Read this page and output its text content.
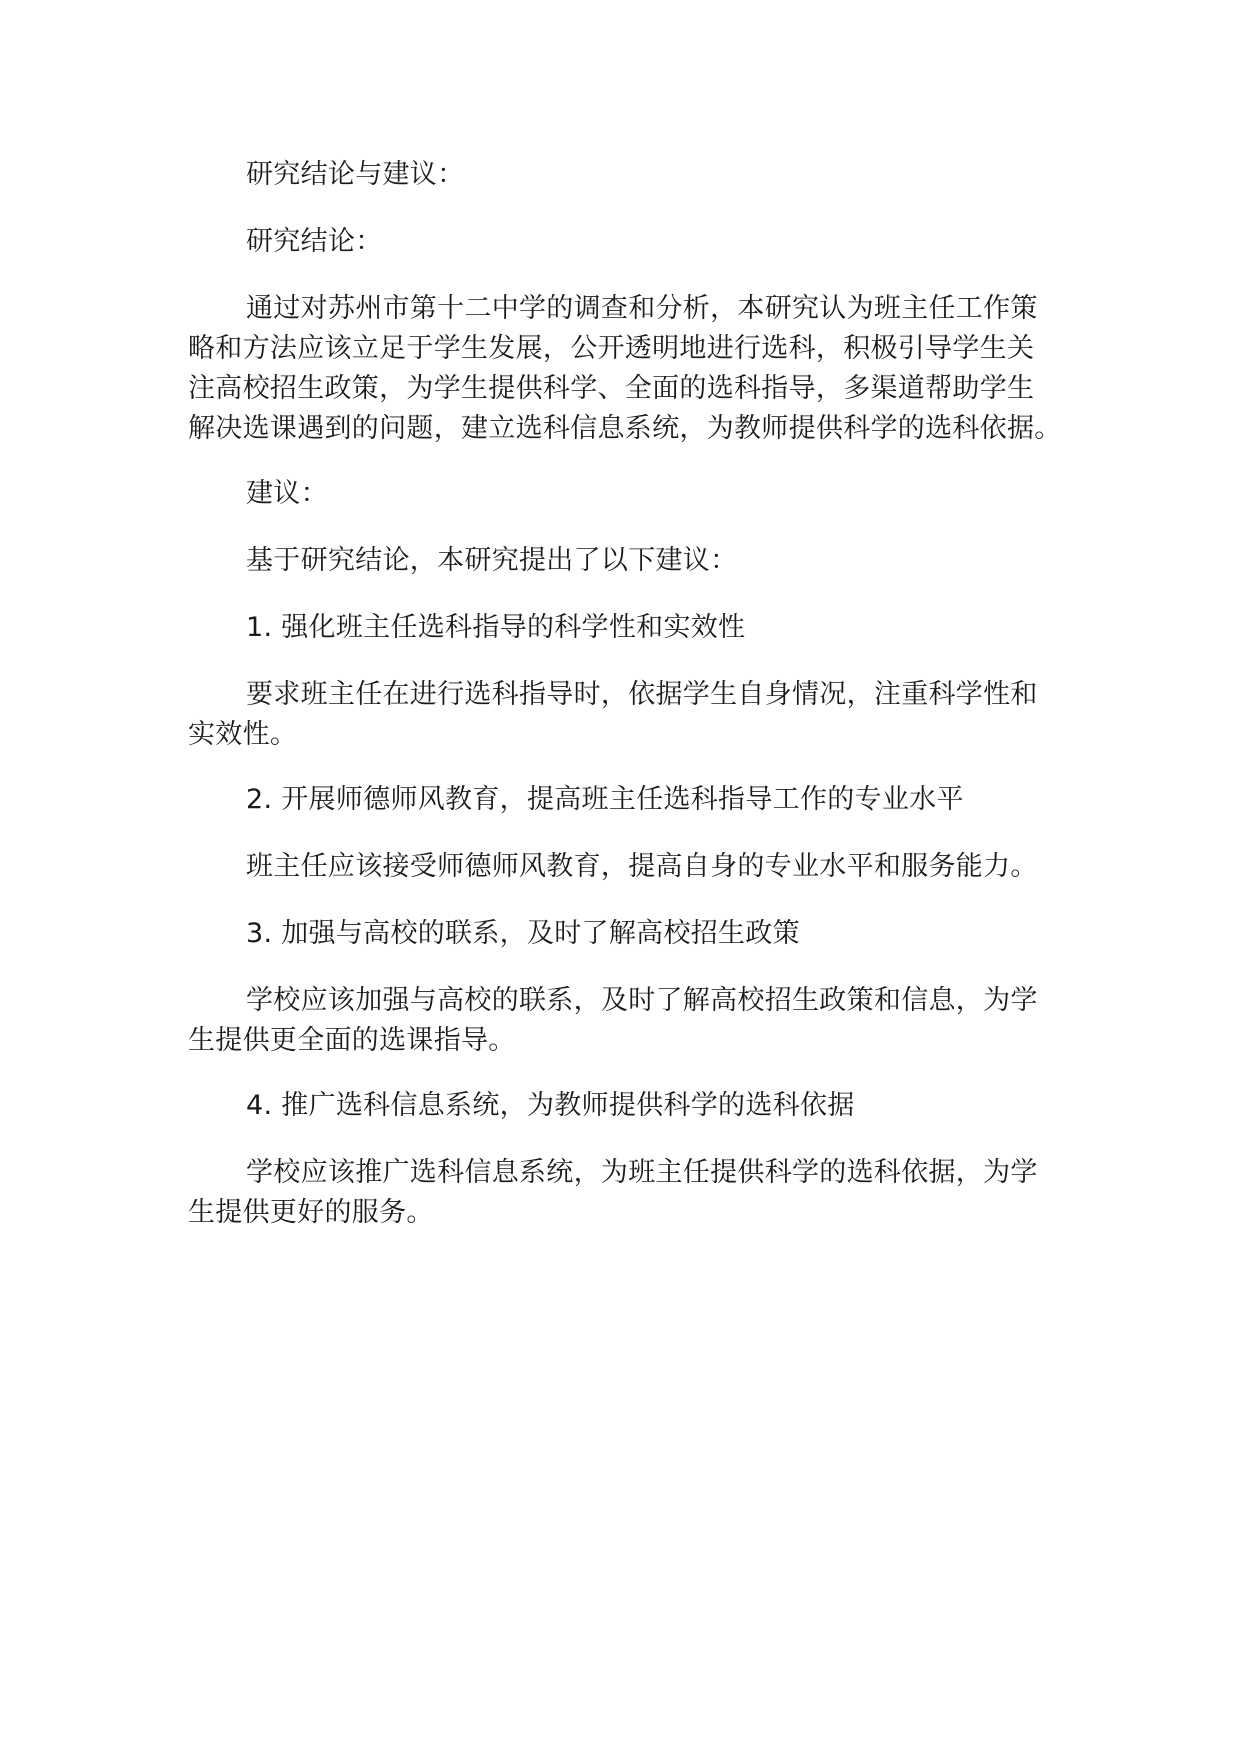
研究结论与建议：
研究结论：
通过对苏州市第十二中学的调查和分析，本研究认为班主任工作策
略和方法应该立足于学生发展，公开透明地进行选科，积极引导学生关
注高校招生政策，为学生提供科学、全面的选科指导，多渠道帮助学生
解决选课遇到的问题，建立选科信息系统，为教师提供科学的选科依据。
建议：
基于研究结论，本研究提出了以下建议：
1. 强化班主任选科指导的科学性和实效性
要求班主任在进行选科指导时，依据学生自身情况，注重科学性和
实效性。
2. 开展师德师风教育，提高班主任选科指导工作的专业水平
班主任应该接受师德师风教育，提高自身的专业水平和服务能力。
3. 加强与高校的联系，及时了解高校招生政策
学校应该加强与高校的联系，及时了解高校招生政策和信息，为学
生提供更全面的选课指导。
4. 推广选科信息系统，为教师提供科学的选科依据
学校应该推广选科信息系统，为班主任提供科学的选科依据，为学
生提供更好的服务。
